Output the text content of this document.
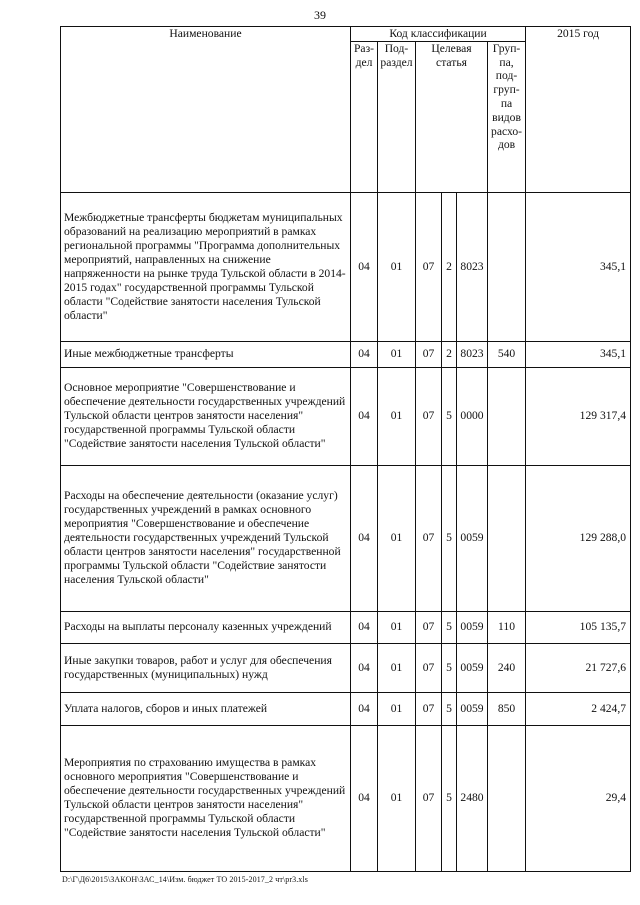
39
Наименование	Код классификации						2015 год
	Раз-дел	Под-раздел	Целевая статья			Груп-па, под-груп-па видов расхо-дов	
Межбюджетные трансферты бюджетам муниципальных образований на реализацию мероприятий в рамках региональной программы "Программа дополнительных мероприятий, направленных на снижение напряженности на рынке труда Тульской области в 2014-2015 годах" государственной программы Тульской области "Содействие занятости населения Тульской области"	04	01	07	2	8023		345,1
Иные межбюджетные трансферты	04	01	07	2	8023	540	345,1
Основное мероприятие "Совершенствование и обеспечение деятельности государственных учреждений Тульской области центров занятости населения" государственной программы Тульской области "Содействие занятости населения Тульской области"	04	01	07	5	0000		129 317,4
Расходы на обеспечение деятельности (оказание услуг) государственных учреждений в рамках основного мероприятия "Совершенствование и обеспечение деятельности государственных учреждений Тульской области центров занятости населения" государственной программы Тульской области "Содействие занятости населения Тульской области"	04	01	07	5	0059		129 288,0
Расходы на выплаты персоналу казенных учреждений	04	01	07	5	0059	110	105 135,7
Иные закупки товаров, работ и услуг для обеспечения государственных (муниципальных) нужд	04	01	07	5	0059	240	21 727,6
Уплата налогов, сборов и иных платежей	04	01	07	5	0059	850	2 424,7
Мероприятия по страхованию имущества в рамках основного мероприятия "Совершенствование и обеспечение деятельности государственных учреждений Тульской области центров занятости населения" государственной программы Тульской области "Содействие занятости населения Тульской области"	04	01	07	5	2480		29,4
D:\Г\Д6\2015\ЗАКОН\ЗАС_14\Изм. бюджет ТО 2015-2017_2 чт\pr3.xls
